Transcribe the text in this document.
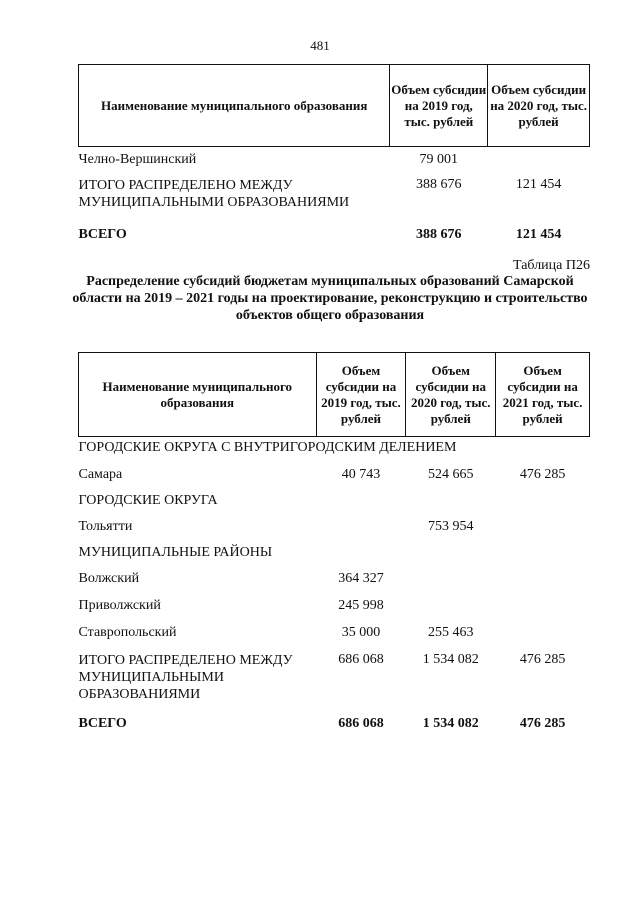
481
Наименование муниципального образования	Объем субсидии на 2019 год, тыс. рублей	Объем субсидии на 2020 год, тыс. рублей
Челно-Вершинский	79 001	
ИТОГО РАСПРЕДЕЛЕНО МЕЖДУ МУНИЦИПАЛЬНЫМИ ОБРАЗОВАНИЯМИ	388 676	121 454
ВСЕГО	388 676	121 454
Таблица П26
Распределение субсидий бюджетам муниципальных образований Самарской области на 2019 – 2021 годы на проектирование, реконструкцию и строительство объектов общего образования
Наименование муниципального образования	Объем субсидии на 2019 год, тыс. рублей	Объем субсидии на 2020 год, тыс. рублей	Объем субсидии на 2021 год, тыс. рублей
ГОРОДСКИЕ ОКРУГА С ВНУТРИГОРОДСКИМ ДЕЛЕНИЕМ			
Самара	40 743	524 665	476 285
ГОРОДСКИЕ ОКРУГА			
Тольятти		753 954	
МУНИЦИПАЛЬНЫЕ РАЙОНЫ			
Волжский	364 327		
Приволжский	245 998		
Ставропольский	35 000	255 463	
ИТОГО РАСПРЕДЕЛЕНО МЕЖДУ МУНИЦИПАЛЬНЫМИ ОБРАЗОВАНИЯМИ	686 068	1 534 082	476 285
ВСЕГО	686 068	1 534 082	476 285
